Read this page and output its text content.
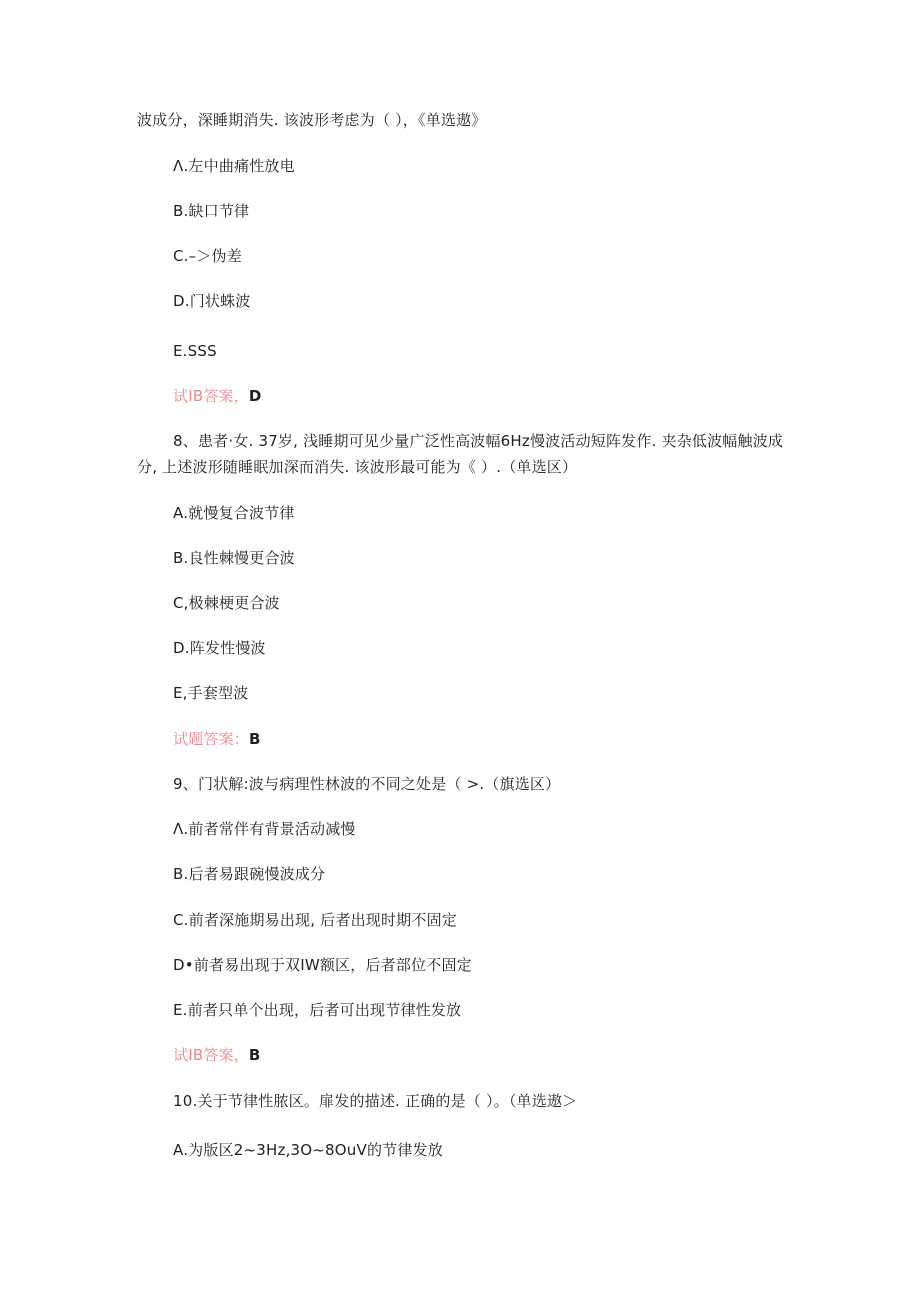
波成分，深睡期消失. 该波形考虑为（ ），《单选遨》
Λ.左中曲痛性放电
B.缺口节律
C.–＞伪差
D.门状蛛波
E.SSS
试IB答案，D
8、患者·女. 37岁, 浅睡期可见少量广泛性高波幅6Hz慢波活动短阵发作. 夹杂低波幅触波成分, 上述波形随睡眠加深而消失. 该波形最可能为《 ）.（单选区）
A.就慢复合波节律
B.良性棘慢更合波
C,极棘梗更合波
D.阵发性慢波
E,手套型波
试题答案：B
9、门状解:波与病理性林波的不同之处是（ >.（旗选区）
Λ.前者常伴有背景活动减慢
B.后者易跟碗慢波成分
C.前者深施期易出现, 后者出现时期不固定
D•前者易出现于双IW额区，后者部位不固定
E.前者只单个出现，后者可出现节律性发放
试IB答案，B
10.关于节律性脓区。扉发的描述. 正确的是（ ）。（单选遨＞
A.为版区2~3Hz,3O~8OuV的节律发放
